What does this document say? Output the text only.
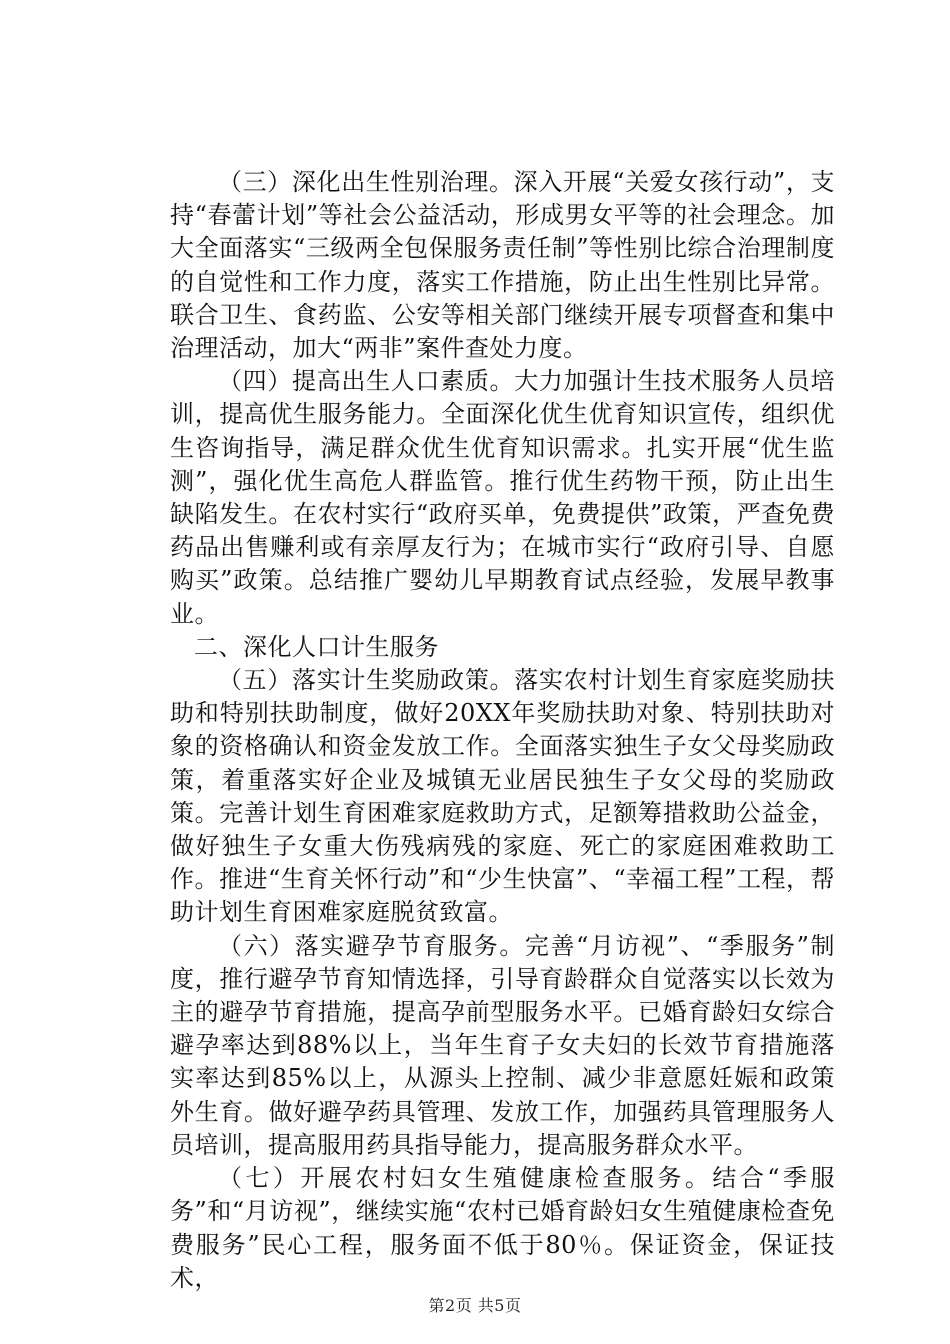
（三）深化出生性别治理。深入开展“关爱女孩行动”，支持“春蕾计划”等社会公益活动，形成男女平等的社会理念。加大全面落实“三级两全包保服务责任制”等性别比综合治理制度的自觉性和工作力度，落实工作措施，防止出生性别比异常。联合卫生、食药监、公安等相关部门继续开展专项督查和集中治理活动，加大“两非”案件查处力度。

（四）提高出生人口素质。大力加强计生技术服务人员培训，提高优生服务能力。全面深化优生优育知识宣传，组织优生咨询指导，满足群众优生优育知识需求。扎实开展“优生监测”，强化优生高危人群监管。推行优生药物干预，防止出生缺陷发生。在农村实行“政府买单，免费提供”政策，严查免费药品出售赚利或有亲厚友行为；在城市实行“政府引导、自愿购买”政策。总结推广婴幼儿早期教育试点经验，发展早教事业。

二、深化人口计生服务

（五）落实计生奖励政策。落实农村计划生育家庭奖励扶助和特别扶助制度，做好20XX年奖励扶助对象、特别扶助对象的资格确认和资金发放工作。全面落实独生子女父母奖励政策，着重落实好企业及城镇无业居民独生子女父母的奖励政策。完善计划生育困难家庭救助方式，足额筹措救助公益金，做好独生子女重大伤残病残的家庭、死亡的家庭困难救助工作。推进“生育关怀行动”和“少生快富”、“幸福工程”工程，帮助计划生育困难家庭脱贫致富。

（六）落实避孕节育服务。完善“月访视”、“季服务”制度，推行避孕节育知情选择，引导育龄群众自觉落实以长效为主的避孕节育措施，提高孕前型服务水平。已婚育龄妇女综合避孕率达到88%以上，当年生育子女夫妇的长效节育措施落实率达到85%以上，从源头上控制、减少非意愿妊娠和政策外生育。做好避孕药具管理、发放工作，加强药具管理服务人员培训，提高服用药具指导能力，提高服务群众水平。

（七）开展农村妇女生殖健康检查服务。结合“季服务”和“月访视”，继续实施“农村已婚育龄妇女生殖健康检查免费服务”民心工程，服务面不低于80％。保证资金，保证技术，

第2页 共5页
